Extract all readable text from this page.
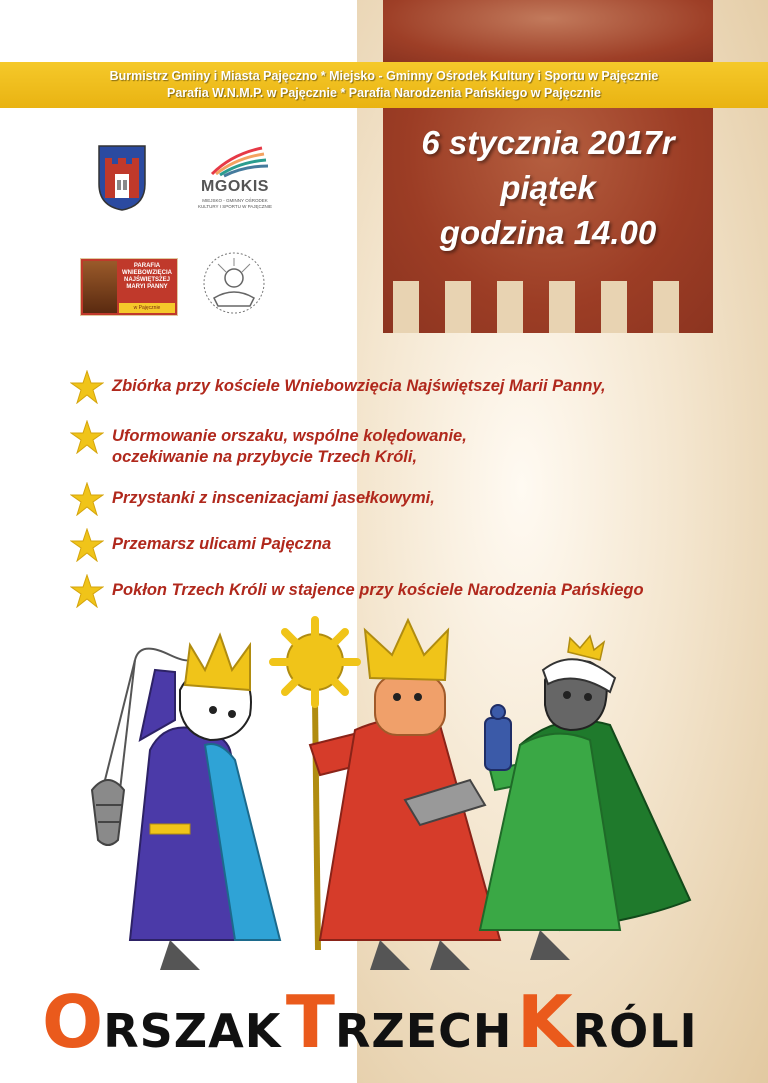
Burmistrz Gminy i Miasta Pajęczno * Miejsko - Gminny Ośrodek Kultury i Sportu w Pajęcznie
Parafia W.N.M.P. w Pajęcznie * Parafia Narodzenia Pańskiego w Pajęcznie
6 stycznia 2017r
piątek
godzina 14.00
MGOKIS
MIEJSKO - GMINNY OŚRODEK KULTURY I SPORTU W PAJĘCZNIE
PARAFIA WNIEBOWZIĘCIA NAJŚWIĘTSZEJ MARYI PANNY
w Pajęcznie
Zbiórka przy kościele Wniebowzięcia Najświętszej Marii Panny,
Uformowanie orszaku, wspólne kolędowanie,
oczekiwanie na przybycie Trzech Króli,
Przystanki z inscenizacjami jasełkowymi,
Przemarsz ulicami Pajęczna
Pokłon Trzech Króli w stajence przy kościele Narodzenia Pańskiego
ORSZAK TRZECH KRÓLI
